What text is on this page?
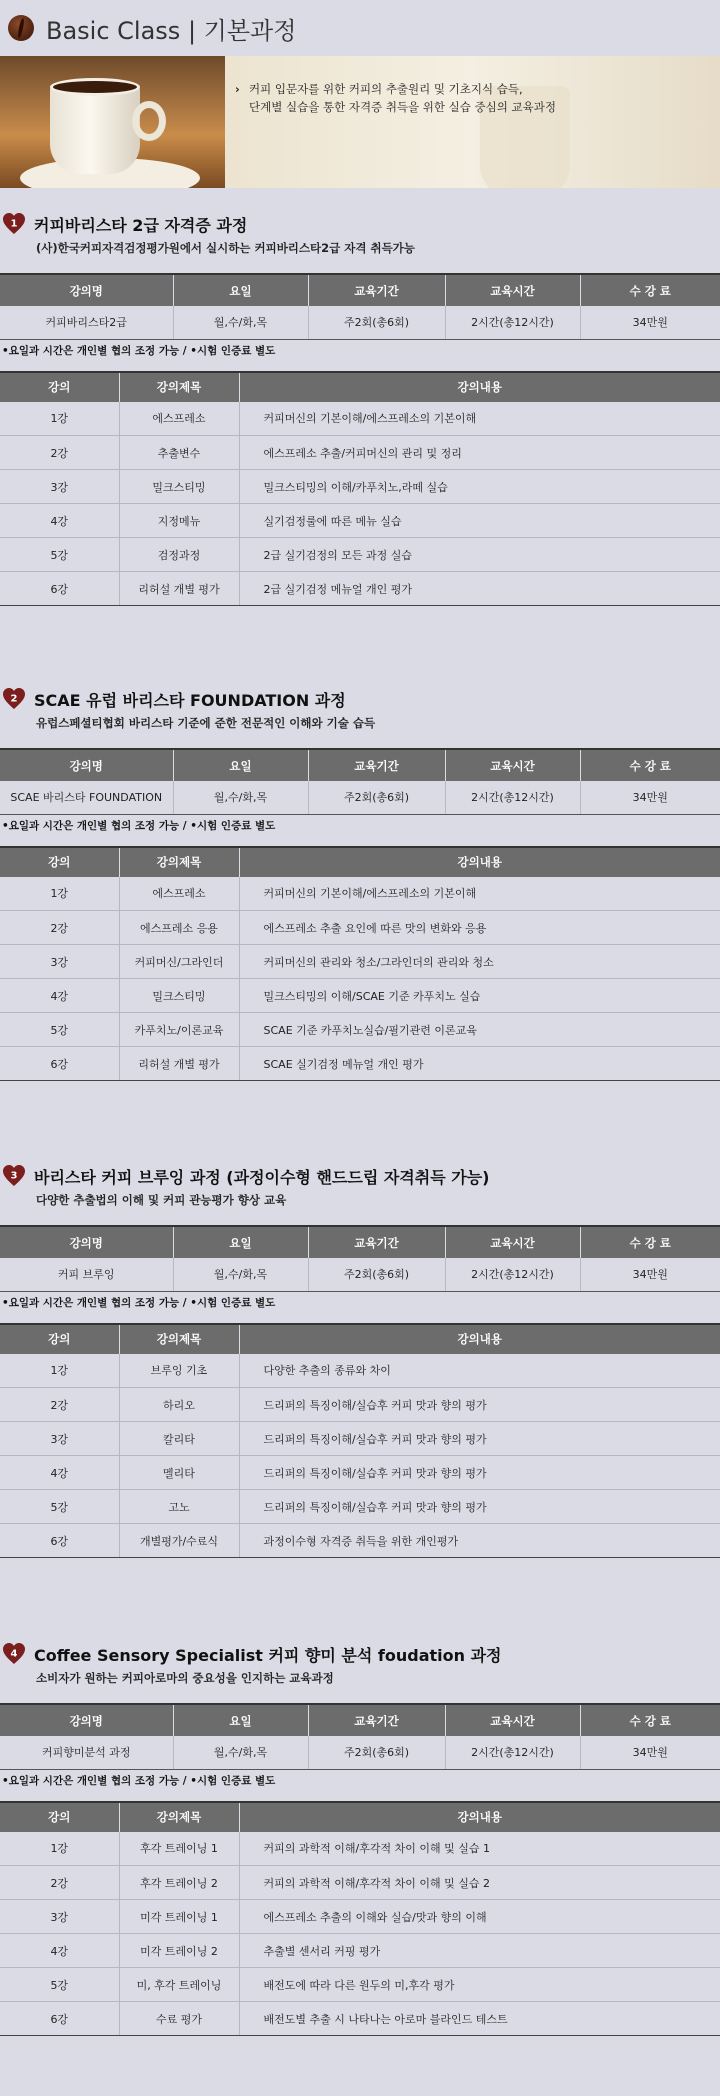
Basic Class | 기본과정
› 커피 입문자를 위한 커피의 추출원리 및 기초지식 습득,
단계별 실습을 통한 자격증 취득을 위한 실습 중심의 교육과정
1 커피바리스타 2급 자격증 과정
(사)한국커피자격검정평가원에서 실시하는 커피바리스타2급 자격 취득가능
강의명	요일	교육기간	교육시간	수 강 료
커피바리스타2급	월,수/화,목	주2회(총6회)	2시간(총12시간)	34만원
•요일과 시간은 개인별 협의 조정 가능 / •시험 인증료 별도
강의	강의제목	강의내용
1강	에스프레소	커피머신의 기본이해/에스프레소의 기본이해
2강	추출변수	에스프레소 추출/커피머신의 관리 및 정리
3강	밀크스티밍	밀크스티밍의 이해/카푸치노,라떼 실습
4강	지정메뉴	실기검정룰에 따른 메뉴 실습
5강	검정과정	2급 실기검정의 모든 과정 실습
6강	리허설 개별 평가	2급 실기검정 메뉴얼 개인 평가
2 SCAE 유럽 바리스타 FOUNDATION 과정
유럽스페셜티협회 바리스타 기준에 준한 전문적인 이해와 기술 습득
강의명	요일	교육기간	교육시간	수 강 료
SCAE 바리스타 FOUNDATION	월,수/화,목	주2회(총6회)	2시간(총12시간)	34만원
•요일과 시간은 개인별 협의 조정 가능 / •시험 인증료 별도
강의	강의제목	강의내용
1강	에스프레소	커피머신의 기본이해/에스프레소의 기본이해
2강	에스프레소 응용	에스프레소 추출 요인에 따른 맛의 변화와 응용
3강	커피머신/그라인더	커피머신의 관리와 청소/그라인더의 관리와 청소
4강	밀크스티밍	밀크스티밍의 이해/SCAE 기준 카푸치노 실습
5강	카푸치노/이론교육	SCAE 기준 카푸치노실습/필기관련 이론교육
6강	리허설 개별 평가	SCAE 실기검정 메뉴얼 개인 평가
3 바리스타 커피 브루잉 과정 (과정이수형 핸드드립 자격취득 가능)
다양한 추출법의 이해 및 커피 관능평가 향상 교육
강의명	요일	교육기간	교육시간	수 강 료
커피 브루잉	월,수/화,목	주2회(총6회)	2시간(총12시간)	34만원
•요일과 시간은 개인별 협의 조정 가능 / •시험 인증료 별도
강의	강의제목	강의내용
1강	브루잉 기초	다양한 추출의 종류와 차이
2강	하리오	드리퍼의 특징이해/실습후 커피 맛과 향의 평가
3강	칼리타	드리퍼의 특징이해/실습후 커피 맛과 향의 평가
4강	멜리타	드리퍼의 특징이해/실습후 커피 맛과 향의 평가
5강	고노	드리퍼의 특징이해/실습후 커피 맛과 향의 평가
6강	개별평가/수료식	과정이수형 자격증 취득을 위한 개인평가
4 Coffee Sensory Specialist 커피 향미 분석 foudation 과정
소비자가 원하는 커피아로마의 중요성을 인지하는 교육과정
강의명	요일	교육기간	교육시간	수 강 료
커피향미분석 과정	월,수/화,목	주2회(총6회)	2시간(총12시간)	34만원
•요일과 시간은 개인별 협의 조정 가능 / •시험 인증료 별도
강의	강의제목	강의내용
1강	후각 트레이닝 1	커피의 과학적 이해/후각적 차이 이해 및 실습 1
2강	후각 트레이닝 2	커피의 과학적 이해/후각적 차이 이해 및 실습 2
3강	미각 트레이닝 1	에스프레소 추출의 이해와 실습/맛과 향의 이해
4강	미각 트레이닝 2	추출별 센서리 커핑 평가
5강	미, 후각 트레이닝	배전도에 따라 다른 원두의 미,후각 평가
6강	수료 평가	배전도별 추출 시 나타나는 아로마 블라인드 테스트
